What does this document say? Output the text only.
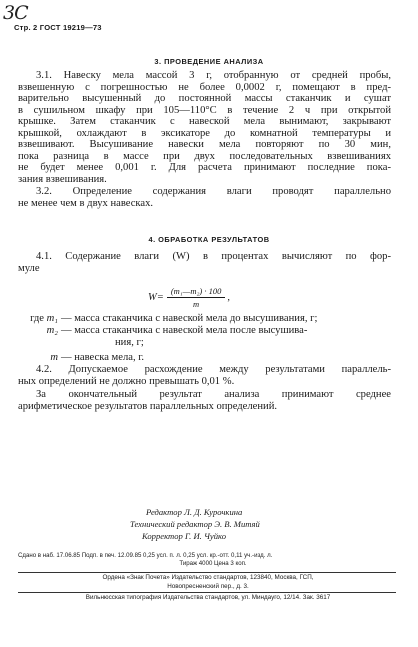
3С
Стр. 2 ГОСТ 19219—73
3. ПРОВЕДЕНИЕ АНАЛИЗА
3.1. Навеску мела массой 3 г, отобранную от средней пробы,
взвешенную с погрешностью не более 0,0002 г, помещают в пред-
варительно высушенный до постоянной массы стаканчик и сушат
в сушильном шкафу при 105—110°С в течение 2 ч при открытой
крышке. Затем стаканчик с навеской мела вынимают, закрывают
крышкой, охлаждают в эксикаторе до комнатной температуры и
взвешивают. Высушивание навески мела повторяют по 30 мин,
пока разница в массе при двух последовательных взвешиваниях
не будет менее 0,001 г. Для расчета принимают последние пока-
зания взвешивания.
3.2. Определение содержания влаги проводят параллельно
не менее чем в двух навесках.
4. ОБРАБОТКА РЕЗУЛЬТАТОВ
4.1. Содержание влаги (W) в процентах вычисляют по фор-
муле
$W= \frac{\text{(m₁—m₂) · 100}}{m}$ ,
где m₁ — масса стаканчика с навеской мела до высушивания, г;
m₂ — масса стаканчика с навеской мела после высушива-
ния, г;
m — навеска мела, г.
4.2. Допускаемое расхождение между результатами параллель-
ных определений не должно превышать 0,01 %.
За окончательный результат анализа принимают среднее
арифметическое результатов параллельных определений.
Редактор Л. Д. Курочкина
Технический редактор Э. В. Митяй
Корректор Г. И. Чуйко
Сдано в наб. 17.06.85 Подп. в печ. 12.09.85 0,25 усл. п. л. 0,25 усл. кр.-отт. 0,11 уч.-изд. л.
Тираж 4000 Цена 3 коп.
Ордена «Знак Почета» Издательство стандартов, 123840, Москва, ГСП,
Новопресненский пер., д. 3.
Вильнюсская типография Издательства стандартов, ул. Миндауго, 12/14. Зак. 3617
